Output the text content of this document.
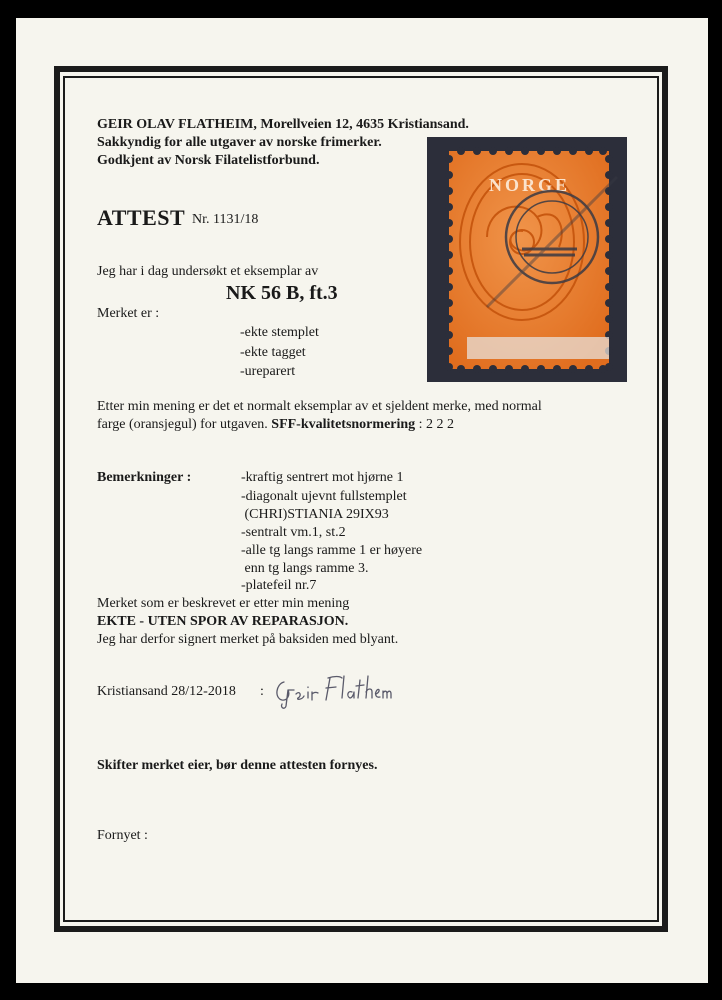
GEIR OLAV FLATHEIM, Morellveien 12, 4635 Kristiansand.
Sakkyndig for alle utgaver av norske frimerker.
Godkjent av Norsk Filatelistforbund.
ATTEST Nr. 1131/18
Jeg har i dag undersøkt et eksemplar av
NK 56 B, ft.3
Merket er :
-ekte stemplet
-ekte tagget
-ureparert
Etter min mening er det et normalt eksemplar av et sjeldent merke, med normal
farge (oransjegul) for utgaven. SFF-kvalitetsnormering : 2 2 2
Bemerkninger :	-kraftig sentrert mot hjørne 1
-diagonalt ujevnt fullstemplet
(CHRI)STIANIA 29IX93
-sentralt vm.1, st.2
-alle tg langs ramme 1 er høyere
enn tg langs ramme 3.
-platefeil nr.7
Merket som er beskrevet er etter min mening
EKTE - UTEN SPOR AV REPARASJON.
Jeg har derfor signert merket på baksiden med blyant.
Kristiansand 28/12-2018 :
Skifter merket eier, bør denne attesten fornyes.
Fornyet :
NORGE
